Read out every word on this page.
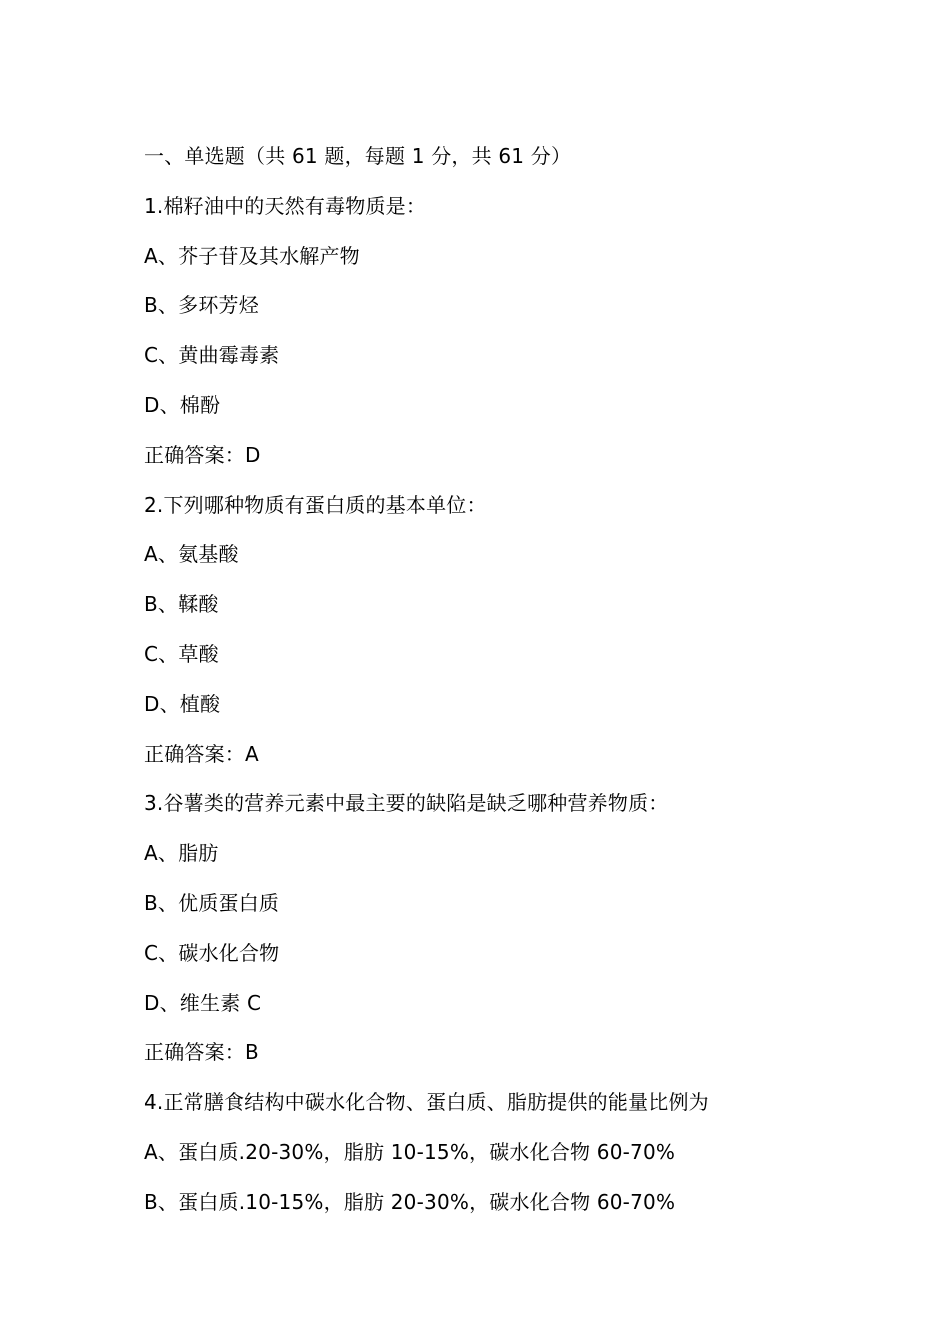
一、单选题（共 61 题，每题 1 分，共 61 分）
1.棉籽油中的天然有毒物质是：
A、芥子苷及其水解产物
B、多环芳烃
C、黄曲霉毒素
D、棉酚
正确答案：D
2.下列哪种物质有蛋白质的基本单位：
A、氨基酸
B、鞣酸
C、草酸
D、植酸
正确答案：A
3.谷薯类的营养元素中最主要的缺陷是缺乏哪种营养物质：
A、脂肪
B、优质蛋白质
C、碳水化合物
D、维生素 C
正确答案：B
4.正常膳食结构中碳水化合物、蛋白质、脂肪提供的能量比例为
A、蛋白质.20-30%，脂肪 10-15%，碳水化合物 60-70%
B、蛋白质.10-15%，脂肪 20-30%，碳水化合物 60-70%
